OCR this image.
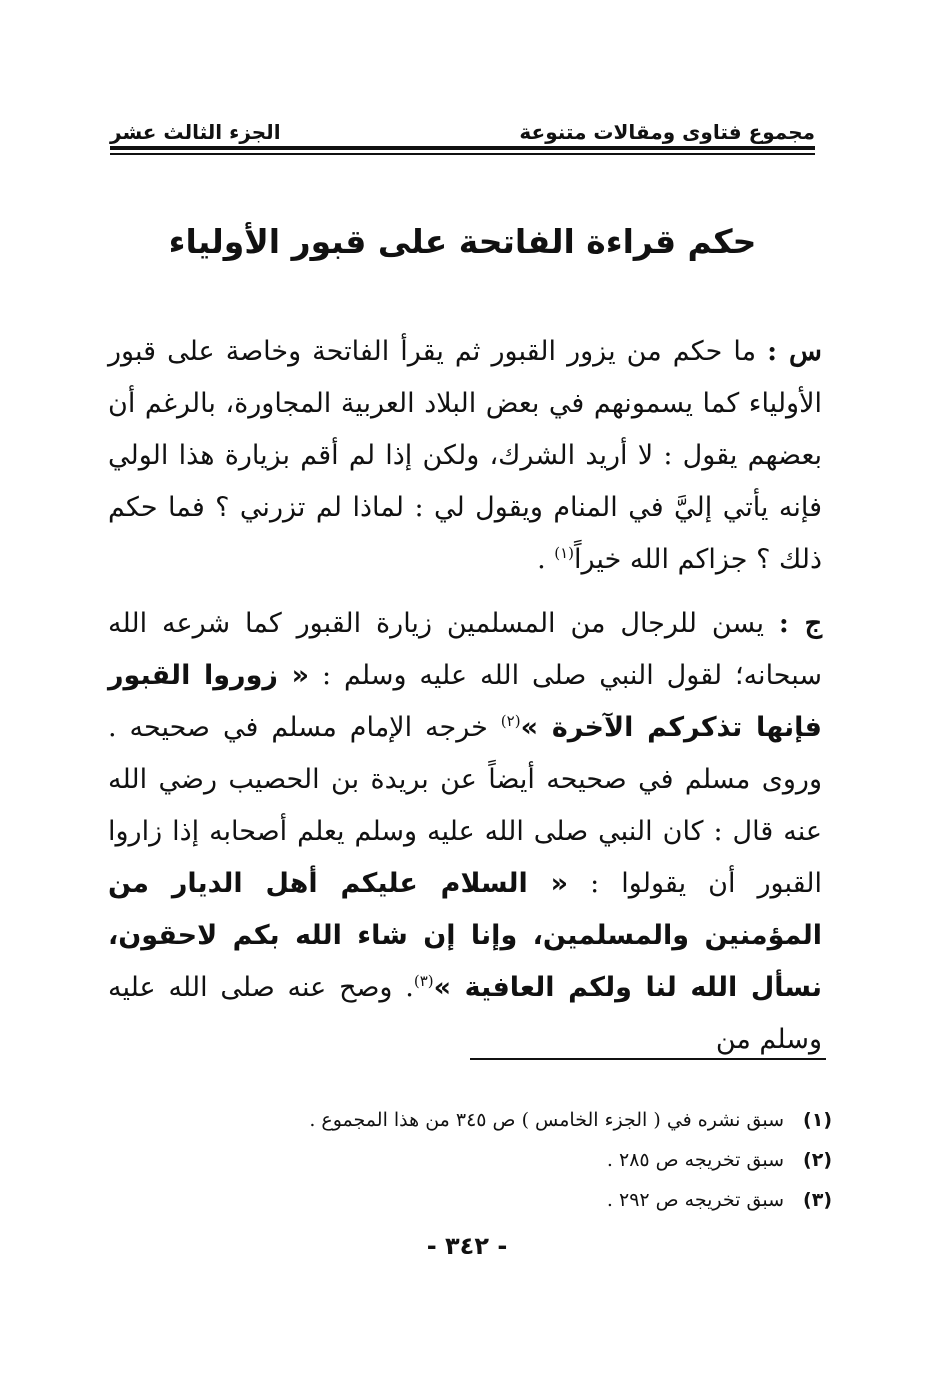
مجموع فتاوى ومقالات متنوعة
الجزء الثالث عشر
حكم قراءة الفاتحة على قبور الأولياء

س : ما حكم من يزور القبور ثم يقرأ الفاتحة وخاصة على قبور الأولياء كما يسمونهم في بعض البلاد العربية المجاورة، بالرغم أن بعضهم يقول : لا أريد الشرك، ولكن إذا لم أقم بزيارة هذا الولي فإنه يأتي إليَّ في المنام ويقول لي : لماذا لم تزرني ؟ فما حكم ذلك ؟ جزاكم الله خيراً$^{(١)}$ .

ج : يسن للرجال من المسلمين زيارة القبور كما شرعه الله سبحانه؛ لقول النبي صلى الله عليه وسلم : « زوروا القبور فإنها تذكركم الآخرة »$^{(٢)}$ خرجه الإمام مسلم في صحيحه . وروى مسلم في صحيحه أيضاً عن بريدة بن الحصيب رضي الله عنه قال : كان النبي صلى الله عليه وسلم يعلم أصحابه إذا زاروا القبور أن يقولوا : « السلام عليكم أهل الديار من المؤمنين والمسلمين، وإنا إن شاء الله بكم لاحقون، نسأل الله لنا ولكم العافية »$^{(٣)}$. وصح عنه صلى الله عليه وسلم من

(١)
سبق نشره في ( الجزء الخامس ) ص ٣٤٥ من هذا المجموع .
(٢)
سبق تخريجه ص ٢٨٥ .
(٣)
سبق تخريجه ص ٢٩٢ .
- ٣٤٢ -
